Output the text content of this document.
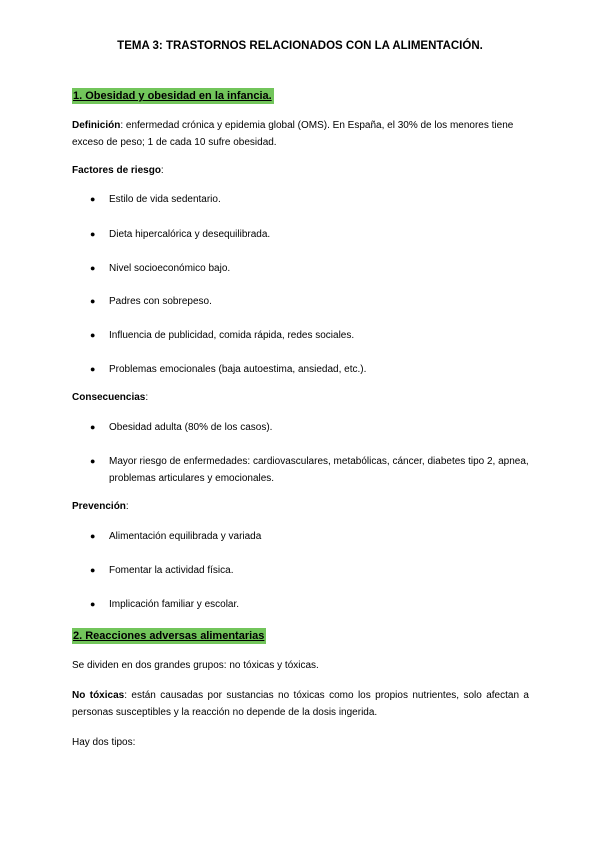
TEMA 3: TRASTORNOS RELACIONADOS CON LA ALIMENTACIÓN.
1. Obesidad y obesidad en la infancia.
Definición: enfermedad crónica y epidemia global (OMS). En España, el 30% de los menores tiene exceso de peso; 1 de cada 10 sufre obesidad.
Factores de riesgo:
● Estilo de vida sedentario.
● Dieta hipercalórica y desequilibrada.
● Nivel socioeconómico bajo.
● Padres con sobrepeso.
● Influencia de publicidad, comida rápida, redes sociales.
● Problemas emocionales (baja autoestima, ansiedad, etc.).
Consecuencias:
● Obesidad adulta (80% de los casos).
● Mayor riesgo de enfermedades: cardiovasculares, metabólicas, cáncer, diabetes tipo 2, apnea, problemas articulares y emocionales.
Prevención:
● Alimentación equilibrada y variada
● Fomentar la actividad física.
● Implicación familiar y escolar.
2. Reacciones adversas alimentarias
Se dividen en dos grandes grupos: no tóxicas y tóxicas.
No tóxicas: están causadas por sustancias no tóxicas como los propios nutrientes, solo afectan a personas susceptibles y la reacción no depende de la dosis ingerida.
Hay dos tipos:
